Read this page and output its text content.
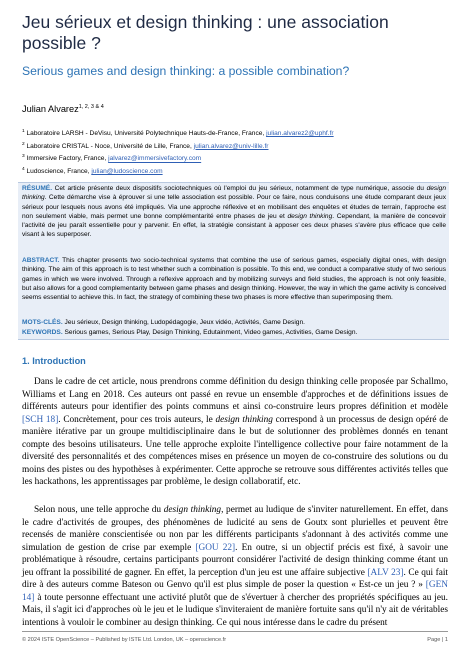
Jeu sérieux et design thinking : une association possible ?
Serious games and design thinking: a possible combination?
Julian Alvarez$^{1, 2, 3 \& 4}$
$^1$ Laboratoire LARSH - DeVisu, Université Polytechnique Hauts-de-France, France, julian.alvarez2@uphf.fr
$^2$ Laboratoire CRISTAL - Noce, Université de Lille, France, julian.alvarez@univ-lille.fr
$^3$ Immersive Factory, France, jalvarez@immersivefactory.com
$^4$ Ludoscience, France, julian@ludoscience.com
RÉSUMÉ. Cet article présente deux dispositifs sociotechniques où l'emploi du jeu sérieux, notamment de type numérique, associe du design thinking. Cette démarche vise à éprouver si une telle association est possible. Pour ce faire, nous conduisons une étude comparant deux jeux sérieux pour lesquels nous avons été impliqués. Via une approche réflexive et en mobilisant des enquêtes et études de terrain, l'approche est non seulement viable, mais permet une bonne complémentarité entre phases de jeu et design thinking. Cependant, la manière de concevoir l'activité de jeu paraît essentielle pour y parvenir. En effet, la stratégie consistant à apposer ces deux phases s'avère plus efficace que celle visant à les superposer.
ABSTRACT. This chapter presents two socio-technical systems that combine the use of serious games, especially digital ones, with design thinking. The aim of this approach is to test whether such a combination is possible. To this end, we conduct a comparative study of two serious games in which we were involved. Through a reflexive approach and by mobilizing surveys and field studies, the approach is not only feasible, but also allows for a good complementarity between game phases and design thinking. However, the way in which the game activity is conceived seems essential to achieve this. In fact, the strategy of combining these two phases is more effective than superimposing them.
MOTS-CLÉS. Jeu sérieux, Design thinking, Ludopédagogie, Jeux vidéo, Activités, Game Design.
KEYWORDS. Serious games, Serious Play, Design Thinking, Edutainment, Video games, Activities, Game Design.
1. Introduction
Dans le cadre de cet article, nous prendrons comme définition du design thinking celle proposée par Schallmo, Williams et Lang en 2018. Ces auteurs ont passé en revue un ensemble d'approches et de définitions issues de différents auteurs pour identifier des points communs et ainsi co-construire leurs propres définition et modèle [SCH 18]. Concrètement, pour ces trois auteurs, le design thinking correspond à un processus de design opéré de manière itérative par un groupe multidisciplinaire dans le but de solutionner des problèmes donnés en tenant compte des besoins utilisateurs. Une telle approche exploite l'intelligence collective pour faire notamment de la diversité des personnalités et des compétences mises en présence un moyen de co-construire des solutions ou du moins des pistes ou des hypothèses à expérimenter. Cette approche se retrouve sous différentes activités telles que les hackathons, les apprentissages par problème, le design collaboratif, etc.
Selon nous, une telle approche du design thinking, permet au ludique de s'inviter naturellement. En effet, dans le cadre d'activités de groupes, des phénomènes de ludicité au sens de Goutx sont plurielles et peuvent être recensés de manière conscientisée ou non par les différents participants s'adonnant à des activités comme une simulation de gestion de crise par exemple [GOU 22]. En outre, si un objectif précis est fixé, à savoir une problématique à résoudre, certains participants pourront considérer l'activité de design thinking comme étant un jeu offrant la possibilité de gagner. En effet, la perception d'un jeu est une affaire subjective [ALV 23]. Ce qui fait dire à des auteurs comme Bateson ou Genvo qu'il est plus simple de poser la question « Est-ce un jeu ? » [GEN 14] à toute personne effectuant une activité plutôt que de s'évertuer à chercher des propriétés spécifiques au jeu. Mais, il s'agit ici d'approches où le jeu et le ludique s'inviteraient de manière fortuite sans qu'il n'y ait de véritables intentions à vouloir le combiner au design thinking. Ce qui nous intéresse dans le cadre du présent
© 2024 ISTE OpenScience – Published by ISTE Ltd. London, UK – openscience.fr	Page | 1
